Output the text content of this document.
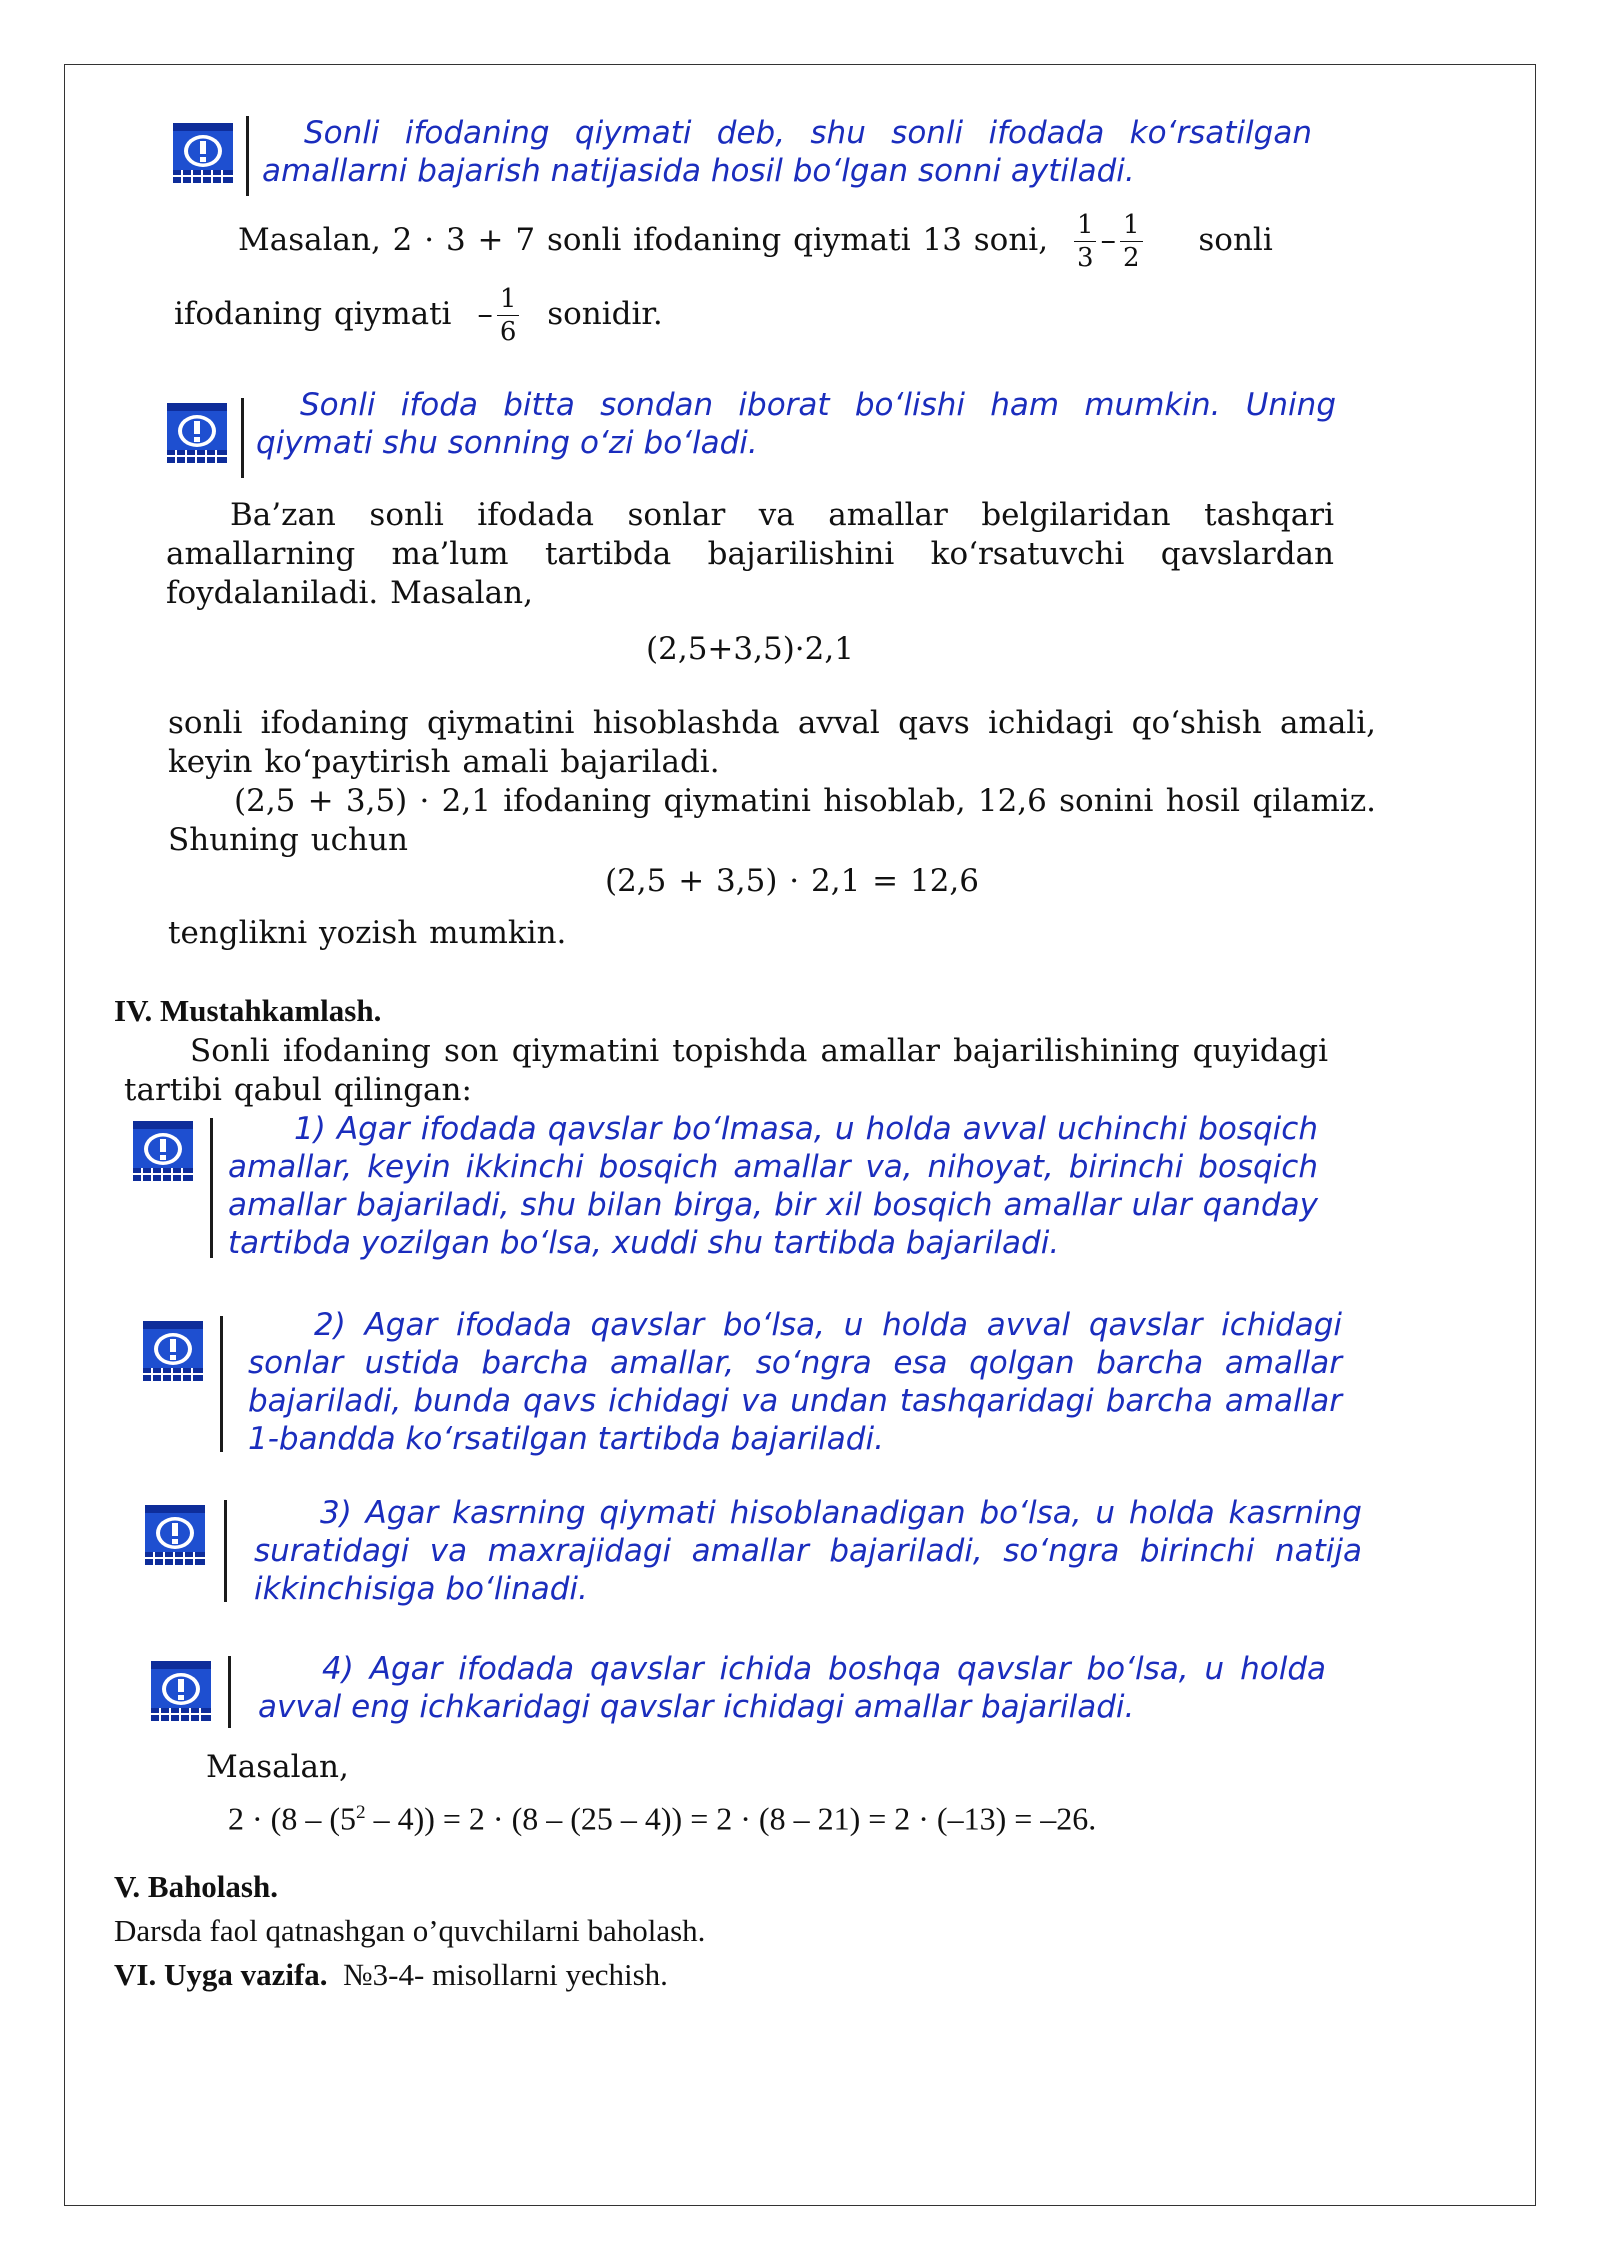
Sonli ifodaning qiymati deb, shu sonli ifodada ko‘rsatilgan amallarni bajarish natijasida hosil bo‘lgan sonni aytiladi.
Masalan, 2 · 3 + 7 sonli ifodaning qiymati 13 soni, $\frac{1}{3} - \frac{1}{2}$ sonli
ifodaning qiymati – $\frac{1}{6}$ sonidir.
Sonli ifoda bitta sondan iborat bo‘lishi ham mumkin. Uning qiymati shu sonning o‘zi bo‘ladi.
Ba’zan sonli ifodada sonlar va amallar belgilaridan tashqari amallarning ma’lum tartibda bajarilishini ko‘rsatuvchi qavslardan foydalaniladi. Masalan,
(2,5+3,5)·2,1
sonli ifodaning qiymatini hisoblashda avval qavs ichidagi qo‘shish amali, keyin ko‘paytirish amali bajariladi.
(2,5 + 3,5) · 2,1 ifodaning qiymatini hisoblab, 12,6 sonini hosil qilamiz. Shuning uchun
(2,5 + 3,5) · 2,1 = 12,6
tenglikni yozish mumkin.
IV. Mustahkamlash.
Sonli ifodaning son qiymatini topishda amallar bajarilishining quyidagi tartibi qabul qilingan:
1) Agar ifodada qavslar bo‘lmasa, u holda avval uchinchi bosqich amallar, keyin ikkinchi bosqich amallar va, nihoyat, birinchi bosqich amallar bajariladi, shu bilan birga, bir xil bosqich amallar ular qanday tartibda yozilgan bo‘lsa, xuddi shu tartibda bajariladi.
2) Agar ifodada qavslar bo‘lsa, u holda avval qavslar ichidagi sonlar ustida barcha amallar, so‘ngra esa qolgan barcha amallar bajariladi, bunda qavs ichidagi va undan tashqaridagi barcha amallar 1-bandda ko‘rsatilgan tartibda bajariladi.
3) Agar kasrning qiymati hisoblanadigan bo‘lsa, u holda kasrning suratidagi va maxrajidagi amallar bajariladi, so‘ngra birinchi natija ikkinchisiga bo‘linadi.
4) Agar ifodada qavslar ichida boshqa qavslar bo‘lsa, u holda avval eng ichkaridagi qavslar ichidagi amallar bajariladi.
Masalan,
$2 \cdot (8 - (5^2 - 4)) = 2 \cdot (8 - (25 - 4)) = 2 \cdot (8 - 21) = 2 \cdot (-13) = -26$.
V. Baholash.
Darsda faol qatnashgan o’quvchilarni baholash.
VI. Uyga vazifa. №3-4- misollarni yechish.
